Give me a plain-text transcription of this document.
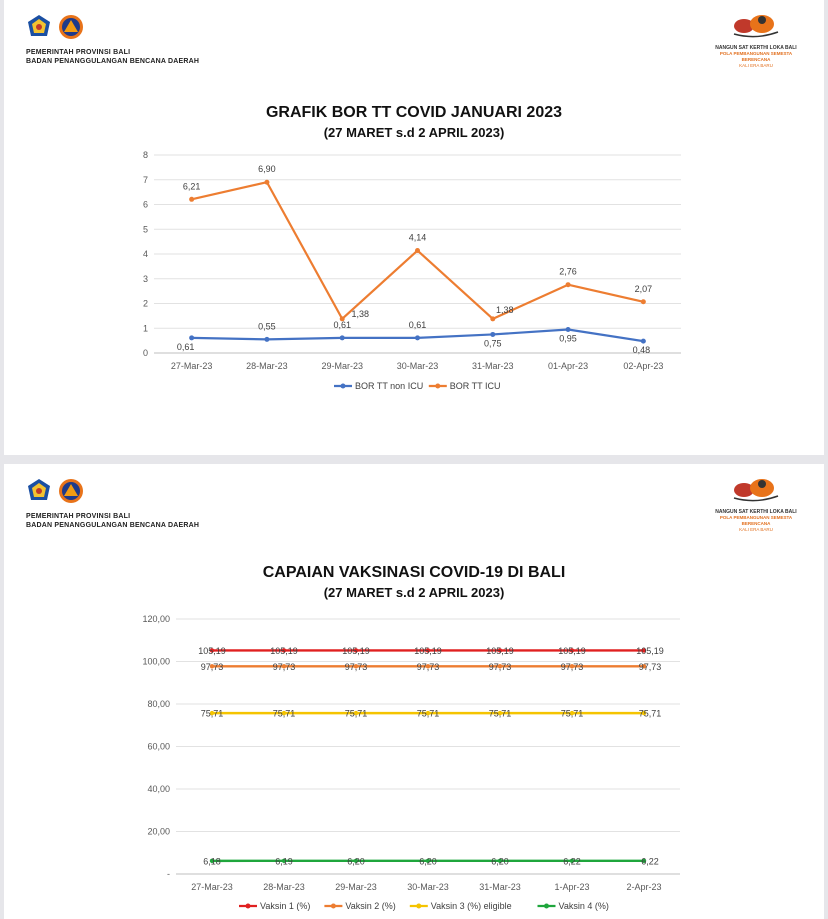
PEMERINTAH PROVINSI BALI
BADAN PENANGGULANGAN BENCANA DAERAH
NANGUN SAT KERTHI LOKA BALI
POLA PEMBANGUNAN SEMESTA BERENCANA
KALI ERA BARU
GRAFIK BOR TT COVID JANUARI 2023
(27 MARET s.d 2 APRIL 2023)
0
1
2
3
4
5
6
7
8
27-Mar-23	28-Mar-23	29-Mar-23	30-Mar-23	31-Mar-23	01-Apr-23	02-Apr-23
0,61
0,55	0,61	0,61
0,75	0,95
0,48
6,21
6,90
1,38
4,14
1,38
2,76
2,07
BOR TT non ICU	BOR TT ICU
PEMERINTAH PROVINSI BALI
BADAN PENANGGULANGAN BENCANA DAERAH
NANGUN SAT KERTHI LOKA BALI
POLA PEMBANGUNAN SEMESTA BERENCANA
KALI ERA BARU
CAPAIAN VAKSINASI COVID-19 DI BALI
(27 MARET s.d 2 APRIL 2023)
-
20,00
40,00
60,00
80,00
100,00
120,00
27-Mar-23	28-Mar-23	29-Mar-23	30-Mar-23	31-Mar-23	1-Apr-23	2-Apr-23
105,19	105,19	105,19	105,19	105,19	105,19	105,19
97,73	97,73	97,73	97,73	97,73	97,73	97,73
75,71	75,71	75,71	75,71	75,71	75,71	75,71
6,18	6,19	6,20	6,20	6,20	6,22	6,22
Vaksin 1 (%)	Vaksin 2 (%)	Vaksin 3 (%) eligible	Vaksin 4 (%)
